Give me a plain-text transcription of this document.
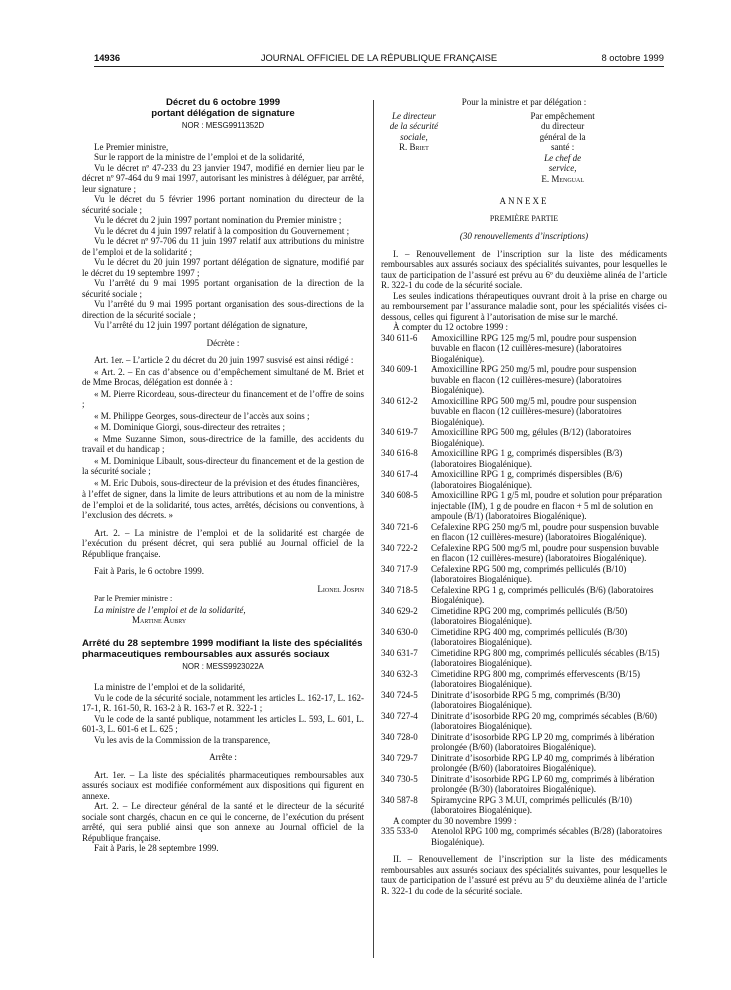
14936	JOURNAL OFFICIEL DE LA RÉPUBLIQUE FRANÇAISE	8 octobre 1999
Décret du 6 octobre 1999
portant délégation de signature
NOR : MESG9911352D

Le Premier ministre,

Sur le rapport de la ministre de l’emploi et de la solidarité,

Vu le décret nº 47-233 du 23 janvier 1947, modifié en dernier lieu par le décret nº 97-464 du 9 mai 1997, autorisant les ministres à déléguer, par arrêté, leur signature ;

Vu le décret du 5 février 1996 portant nomination du directeur de la sécurité sociale ;

Vu le décret du 2 juin 1997 portant nomination du Premier ministre ;

Vu le décret du 4 juin 1997 relatif à la composition du Gouvernement ;

Vu le décret nº 97-706 du 11 juin 1997 relatif aux attributions du ministre de l’emploi et de la solidarité ;

Vu le décret du 20 juin 1997 portant délégation de signature, modifié par le décret du 19 septembre 1997 ;

Vu l’arrêté du 9 mai 1995 portant organisation de la direction de la sécurité sociale ;

Vu l’arrêté du 9 mai 1995 portant organisation des sous-directions de la direction de la sécurité sociale ;

Vu l’arrêté du 12 juin 1997 portant délégation de signature,

Décrète :

Art. 1er. – L’article 2 du décret du 20 juin 1997 susvisé est ainsi rédigé :

« Art. 2. – En cas d’absence ou d’empêchement simultané de M. Briet et de Mme Brocas, délégation est donnée à :

« M. Pierre Ricordeau, sous-directeur du financement et de l’offre de soins ;

« M. Philippe Georges, sous-directeur de l’accès aux soins ;

« M. Dominique Giorgi, sous-directeur des retraites ;

« Mme Suzanne Simon, sous-directrice de la famille, des accidents du travail et du handicap ;

« M. Dominique Libault, sous-directeur du financement et de la gestion de la sécurité sociale ;

« M. Eric Dubois, sous-directeur de la prévision et des études financières,

à l’effet de signer, dans la limite de leurs attributions et au nom de la ministre de l’emploi et de la solidarité, tous actes, arrêtés, décisions ou conventions, à l’exclusion des décrets. »

Art. 2. – La ministre de l’emploi et de la solidarité est chargée de l’exécution du présent décret, qui sera publié au Journal officiel de la République française.

Fait à Paris, le 6 octobre 1999.

Lionel Jospin

Par le Premier ministre :

La ministre de l’emploi et de la solidarité,

Martine Aubry

Arrêté du 28 septembre 1999 modifiant la liste des spécialités pharmaceutiques remboursables aux assurés sociaux
NOR : MESS9923022A

La ministre de l’emploi et de la solidarité,

Vu le code de la sécurité sociale, notamment les articles L. 162-17, L. 162-17-1, R. 161-50, R. 163-2 à R. 163-7 et R. 322-1 ;

Vu le code de la santé publique, notamment les articles L. 593, L. 601, L. 601-3, L. 601-6 et L. 625 ;

Vu les avis de la Commission de la transparence,

Arrête :

Art. 1er. – La liste des spécialités pharmaceutiques remboursables aux assurés sociaux est modifiée conformément aux dispositions qui figurent en annexe.

Art. 2. – Le directeur général de la santé et le directeur de la sécurité sociale sont chargés, chacun en ce qui le concerne, de l’exécution du présent arrêté, qui sera publié ainsi que son annexe au Journal officiel de la République française.

Fait à Paris, le 28 septembre 1999.

Pour la ministre et par délégation :

Le directeur
de la sécurité sociale,
R. Briet
Par empêchement
du directeur général de la santé :
Le chef de service,
E. Mengual

ANNEXE

PREMIÈRE PARTIE

(30 renouvellements d’inscriptions)

I. – Renouvellement de l’inscription sur la liste des médicaments remboursables aux assurés sociaux des spécialités suivantes, pour lesquelles le taux de participation de l’assuré est prévu au 6º du deuxième alinéa de l’article R. 322-1 du code de la sécurité sociale.

Les seules indications thérapeutiques ouvrant droit à la prise en charge ou au remboursement par l’assurance maladie sont, pour les spécialités visées ci-dessous, celles qui figurent à l’autorisation de mise sur le marché.

À compter du 12 octobre 1999 :

340 611-6	Amoxicilline RPG 125 mg/5 ml, poudre pour suspension buvable en flacon (12 cuillères-mesure) (laboratoires Biogalénique).
340 609-1	Amoxicilline RPG 250 mg/5 ml, poudre pour suspension buvable en flacon (12 cuillères-mesure) (laboratoires Biogalénique).
340 612-2	Amoxicilline RPG 500 mg/5 ml, poudre pour suspension buvable en flacon (12 cuillères-mesure) (laboratoires Biogalénique).
340 619-7	Amoxicilline RPG 500 mg, gélules (B/12) (laboratoires Biogalénique).
340 616-8	Amoxicilline RPG 1 g, comprimés dispersibles (B/3) (laboratoires Biogalénique).
340 617-4	Amoxicilline RPG 1 g, comprimés dispersibles (B/6) (laboratoires Biogalénique).
340 608-5	Amoxicilline RPG 1 g/5 ml, poudre et solution pour préparation injectable (IM), 1 g de poudre en flacon + 5 ml de solution en ampoule (B/1) (laboratoires Biogalénique).
340 721-6	Cefalexine RPG 250 mg/5 ml, poudre pour suspension buvable en flacon (12 cuillères-mesure) (laboratoires Biogalénique).
340 722-2	Cefalexine RPG 500 mg/5 ml, poudre pour suspension buvable en flacon (12 cuillères-mesure) (laboratoires Biogalénique).
340 717-9	Cefalexine RPG 500 mg, comprimés pelliculés (B/10) (laboratoires Biogalénique).
340 718-5	Cefalexine RPG 1 g, comprimés pelliculés (B/6) (laboratoires Biogalénique).
340 629-2	Cimetidine RPG 200 mg, comprimés pelliculés (B/50) (laboratoires Biogalénique).
340 630-0	Cimetidine RPG 400 mg, comprimés pelliculés (B/30) (laboratoires Biogalénique).
340 631-7	Cimetidine RPG 800 mg, comprimés pelliculés sécables (B/15) (laboratoires Biogalénique).
340 632-3	Cimetidine RPG 800 mg, comprimés effervescents (B/15) (laboratoires Biogalénique).
340 724-5	Dinitrate d’isosorbide RPG 5 mg, comprimés (B/30) (laboratoires Biogalénique).
340 727-4	Dinitrate d’isosorbide RPG 20 mg, comprimés sécables (B/60) (laboratoires Biogalénique).
340 728-0	Dinitrate d’isosorbide RPG LP 20 mg, comprimés à libération prolongée (B/60) (laboratoires Biogalénique).
340 729-7	Dinitrate d’isosorbide RPG LP 40 mg, comprimés à libération prolongée (B/60) (laboratoires Biogalénique).
340 730-5	Dinitrate d’isosorbide RPG LP 60 mg, comprimés à libération prolongée (B/30) (laboratoires Biogalénique).
340 587-8	Spiramycine RPG 3 M.UI, comprimés pelliculés (B/10) (laboratoires Biogalénique).

A compter du 30 novembre 1999 :

335 533-0	Atenolol RPG 100 mg, comprimés sécables (B/28) (laboratoires Biogalénique).

II. – Renouvellement de l’inscription sur la liste des médicaments remboursables aux assurés sociaux des spécialités suivantes, pour lesquelles le taux de participation de l’assuré est prévu au 5º du deuxième alinéa de l’article R. 322-1 du code de la sécurité sociale.
